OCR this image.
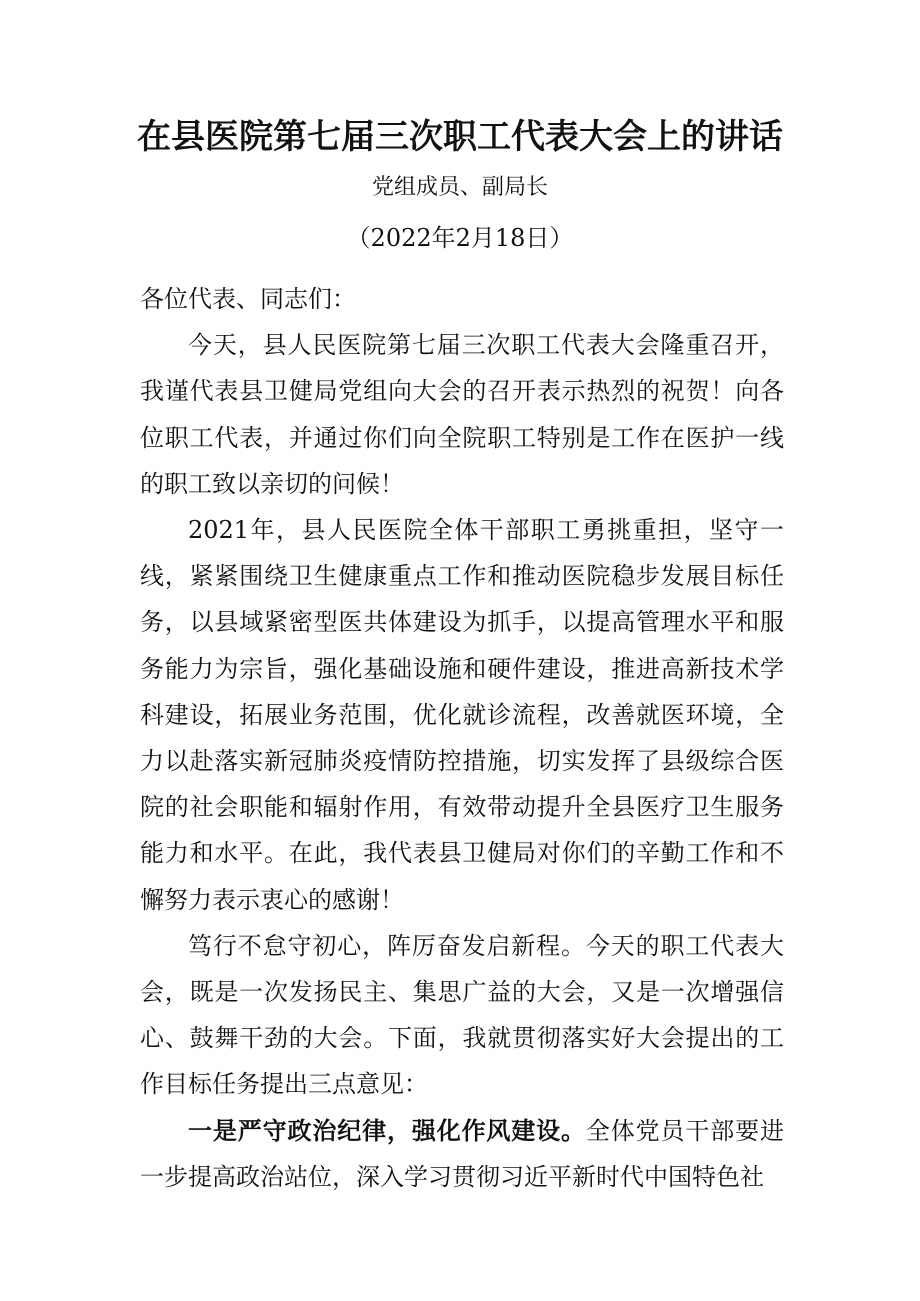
在县医院第七届三次职工代表大会上的讲话
党组成员、副局长
（2022年2月18日）

各位代表、同志们：

今天，县人民医院第七届三次职工代表大会隆重召开，我谨代表县卫健局党组向大会的召开表示热烈的祝贺！向各位职工代表，并通过你们向全院职工特别是工作在医护一线的职工致以亲切的问候！

2021年，县人民医院全体干部职工勇挑重担，坚守一线，紧紧围绕卫生健康重点工作和推动医院稳步发展目标任务，以县域紧密型医共体建设为抓手，以提高管理水平和服务能力为宗旨，强化基础设施和硬件建设，推进高新技术学科建设，拓展业务范围，优化就诊流程，改善就医环境，全力以赴落实新冠肺炎疫情防控措施，切实发挥了县级综合医院的社会职能和辐射作用，有效带动提升全县医疗卫生服务能力和水平。在此，我代表县卫健局对你们的辛勤工作和不懈努力表示衷心的感谢！

笃行不怠守初心，阵厉奋发启新程。今天的职工代表大会，既是一次发扬民主、集思广益的大会，又是一次增强信心、鼓舞干劲的大会。下面，我就贯彻落实好大会提出的工作目标任务提出三点意见：

一是严守政治纪律，强化作风建设。全体党员干部要进一步提高政治站位，深入学习贯彻习近平新时代中国特色社
